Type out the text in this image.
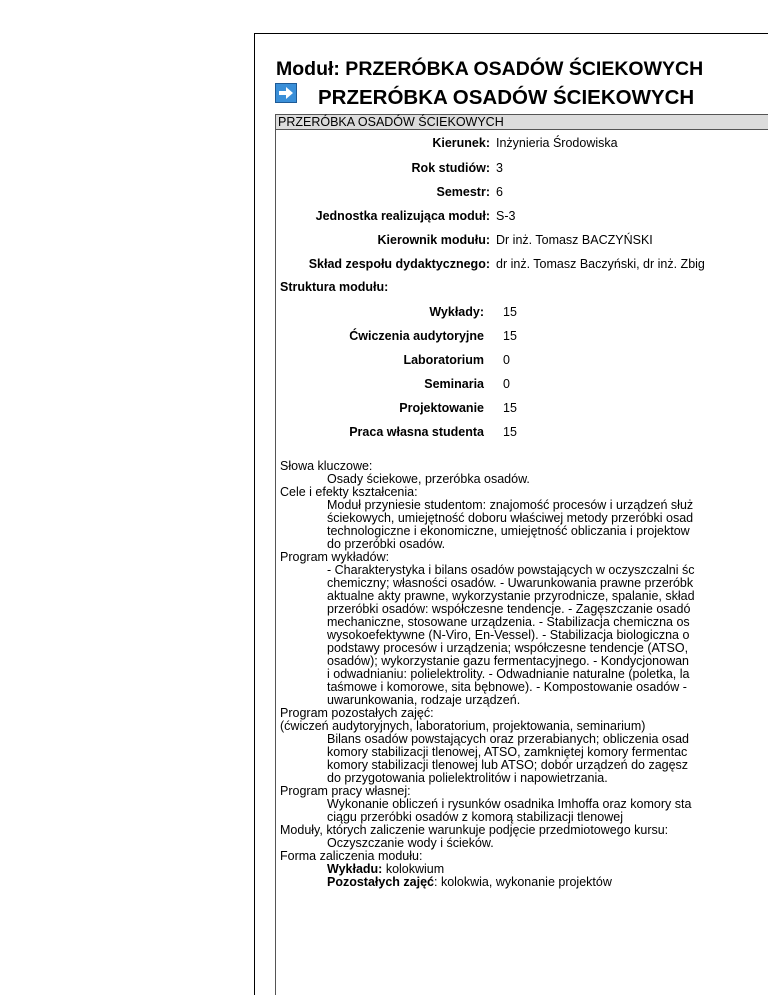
Moduł: PRZERÓBKA OSADÓW ŚCIEKOWYCH
PRZERÓBKA OSADÓW ŚCIEKOWYCH
PRZERÓBKA OSADÓW ŚCIEKOWYCH
Kierunek: Inżynieria Środowiska
Rok studiów: 3
Semestr: 6
Jednostka realizująca moduł: S-3
Kierownik modułu: Dr inż. Tomasz BACZYŃSKI
Skład zespołu dydaktycznego: dr inż. Tomasz Baczyński, dr inż. Zbig
Struktura modułu:
Wykłady: 15
Ćwiczenia audytoryjne 15
Laboratorium 0
Seminaria 0
Projektowanie 15
Praca własna studenta 15
Słowa kluczowe:
Osady ściekowe, przeróbka osadów.
Cele i efekty kształcenia:
Moduł przyniesie studentom: znajomość procesów i urządzeń służ
ściekowych, umiejętność doboru właściwej metody przeróbki osad
technologiczne i ekonomiczne, umiejętność obliczania i projektow
do przeróbki osadów.
Program wykładów:
- Charakterystyka i bilans osadów powstających w oczyszczalni śc
chemiczny; własności osadów. - Uwarunkowania prawne przeróbk
aktualne akty prawne, wykorzystanie przyrodnicze, spalanie, skład
przeróbki osadów: współczesne tendencje. - Zagęszczanie osadó
mechaniczne, stosowane urządzenia. - Stabilizacja chemiczna os
wysokoefektywne (N-Viro, En-Vessel). - Stabilizacja biologiczna o
podstawy procesów i urządzenia; współczesne tendencje (ATSO,
osadów); wykorzystanie gazu fermentacyjnego. - Kondycjonowan
i odwadnianiu: polielektrolity. - Odwadnianie naturalne (poletka, la
taśmowe i komorowe, sita bębnowe). - Kompostowanie osadów -
uwarunkowania, rodzaje urządzeń.
Program pozostałych zajęć:
(ćwiczeń audytoryjnych, laboratorium, projektowania, seminarium)
Bilans osadów powstających oraz przerabianych; obliczenia osad
komory stabilizacji tlenowej, ATSO, zamkniętej komory fermentac
komory stabilizacji tlenowej lub ATSO; dobór urządzeń do zagęsz
do przygotowania polielektrolitów i napowietrzania.
Program pracy własnej:
Wykonanie obliczeń i rysunków osadnika Imhoffa oraz komory sta
ciągu przeróbki osadów z komorą stabilizacji tlenowej
Moduły, których zaliczenie warunkuje podjęcie przedmiotowego kursu:
Oczyszczanie wody i ścieków.
Forma zaliczenia modułu:
Wykładu: kolokwium
Pozostałych zajęć: kolokwia, wykonanie projektów
